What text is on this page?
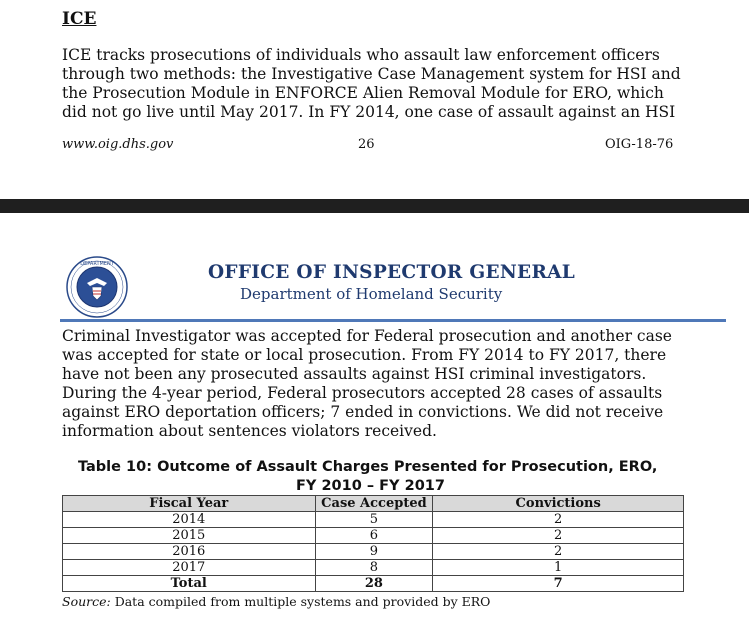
ICE
ICE tracks prosecutions of individuals who assault law enforcement officers
through two methods: the Investigative Case Management system for HSI and
the Prosecution Module in ENFORCE Alien Removal Module for ERO, which
did not go live until May 2017. In FY 2014, one case of assault against an HSI
www.oig.dhs.gov	26	OIG-18-76
DEPARTMENT	OFFICE OF INSPECTOR GENERAL
Department of Homeland Security
Criminal Investigator was accepted for Federal prosecution and another case
was accepted for state or local prosecution. From FY 2014 to FY 2017, there
have not been any prosecuted assaults against HSI criminal investigators.
During the 4-year period, Federal prosecutors accepted 28 cases of assaults
against ERO deportation officers; 7 ended in convictions. We did not receive
information about sentences violators received.
Table 10: Outcome of Assault Charges Presented for Prosecution, ERO,
FY 2010 – FY 2017
Fiscal Year	Case Accepted	Convictions
2014	5	2
2015	6	2
2016	9	2
2017	8	1
Total	28	7
Source: Data compiled from multiple systems and provided by ERO
